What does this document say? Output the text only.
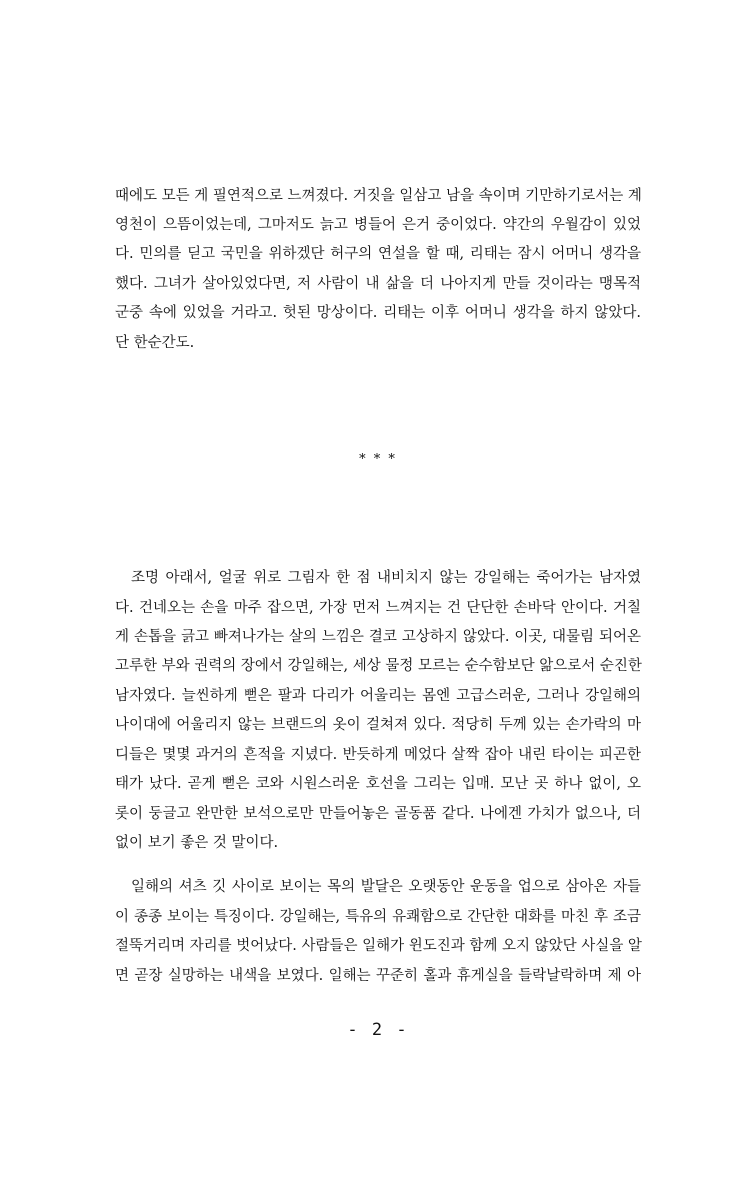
때에도 모든 게 필연적으로 느껴졌다. 거짓을 일삼고 남을 속이며 기만하기로서는 계
영천이 으뜸이었는데, 그마저도 늙고 병들어 은거 중이었다. 약간의 우월감이 있었
다. 민의를 딛고 국민을 위하겠단 허구의 연설을 할 때, 리태는 잠시 어머니 생각을
했다. 그녀가 살아있었다면, 저 사람이 내 삶을 더 나아지게 만들 것이라는 맹목적
군중 속에 있었을 거라고. 헛된 망상이다. 리태는 이후 어머니 생각을 하지 않았다.
단 한순간도.
* * *
조명 아래서, 얼굴 위로 그림자 한 점 내비치지 않는 강일해는 죽어가는 남자였
다. 건네오는 손을 마주 잡으면, 가장 먼저 느껴지는 건 단단한 손바닥 안이다. 거칠
게 손톱을 긁고 빠져나가는 살의 느낌은 결코 고상하지 않았다. 이곳, 대물림 되어온
고루한 부와 권력의 장에서 강일해는, 세상 물정 모르는 순수함보단 앎으로서 순진한
남자였다. 늘씬하게 뻗은 팔과 다리가 어울리는 몸엔 고급스러운, 그러나 강일해의
나이대에 어울리지 않는 브랜드의 옷이 걸쳐져 있다. 적당히 두께 있는 손가락의 마
디들은 몇몇 과거의 흔적을 지녔다. 반듯하게 메었다 살짝 잡아 내린 타이는 피곤한
태가 났다. 곧게 뻗은 코와 시원스러운 호선을 그리는 입매. 모난 곳 하나 없이, 오
롯이 둥글고 완만한 보석으로만 만들어놓은 골동품 같다. 나에겐 가치가 없으나, 더
없이 보기 좋은 것 말이다.
일해의 셔츠 깃 사이로 보이는 목의 발달은 오랫동안 운동을 업으로 삼아온 자들
이 종종 보이는 특징이다. 강일해는, 특유의 유쾌함으로 간단한 대화를 마친 후 조금
절뚝거리며 자리를 벗어났다. 사람들은 일해가 윈도진과 함께 오지 않았단 사실을 알
면 곧장 실망하는 내색을 보였다. 일해는 꾸준히 홀과 휴게실을 들락날락하며 제 아
- 2 -
